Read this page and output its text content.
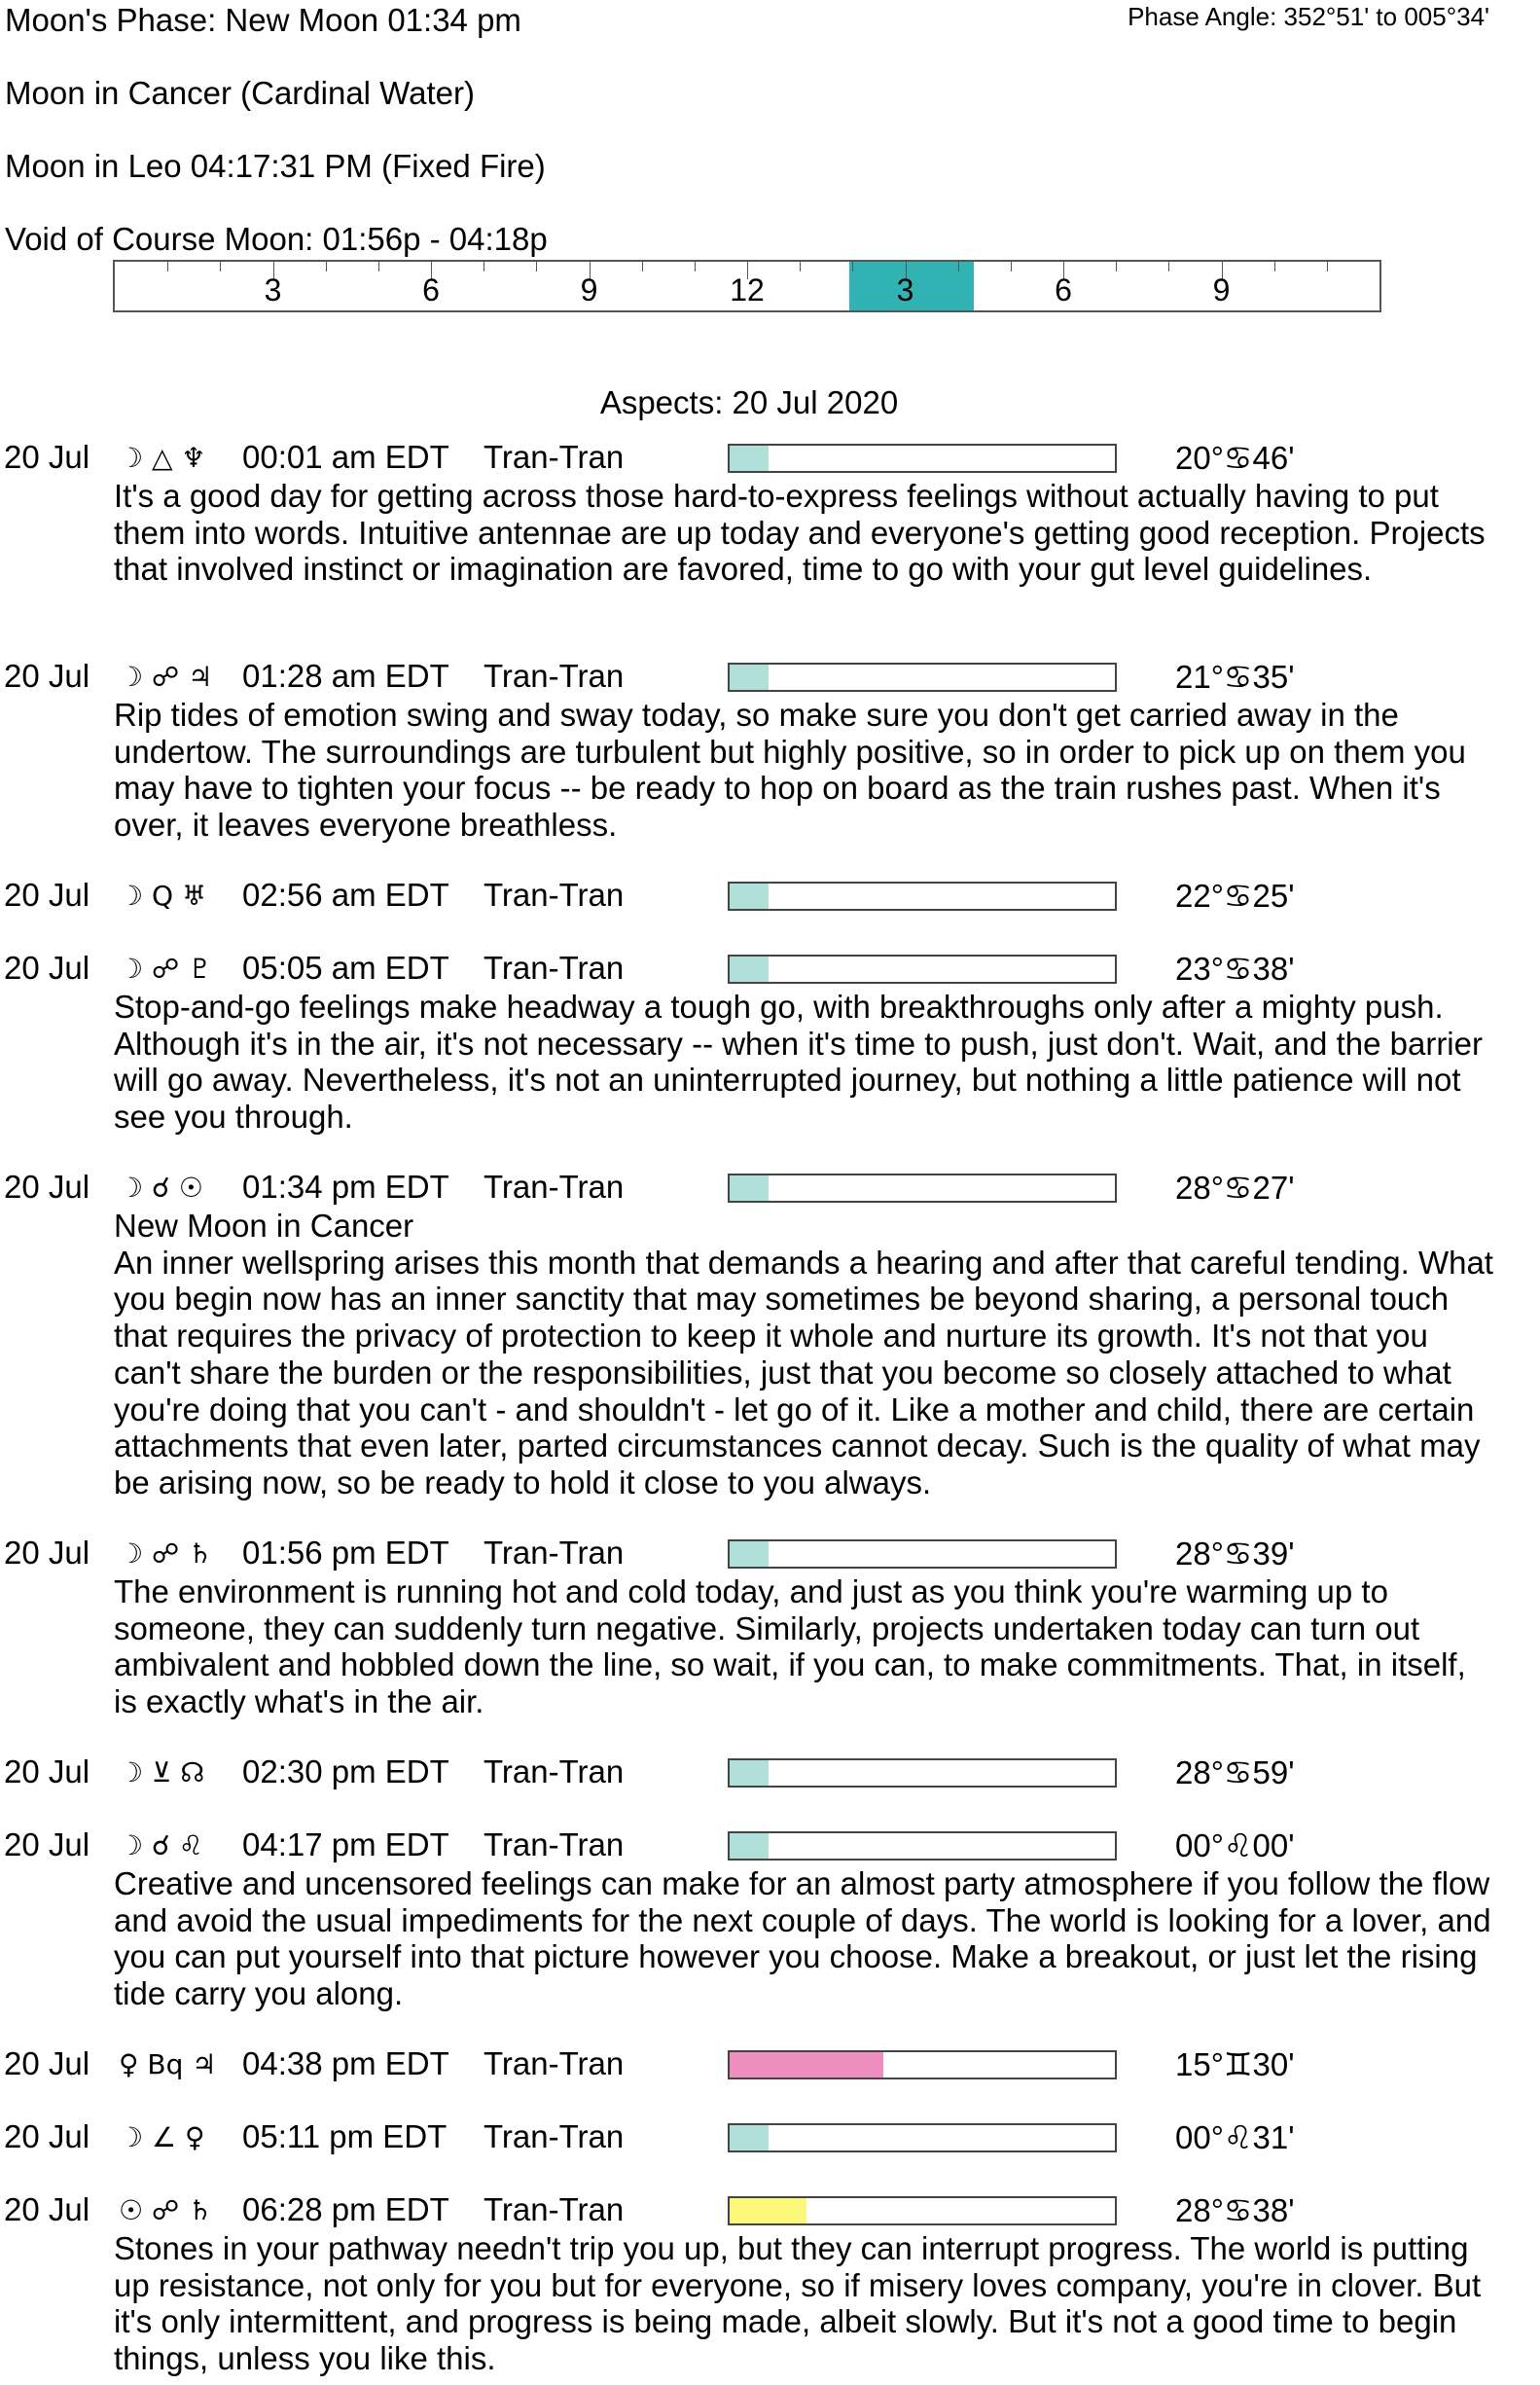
Moon's Phase: New Moon 01:34 pm	Phase Angle: 352°51' to 005°34'
Moon in Cancer (Cardinal Water)
Moon in Leo 04:17:31 PM (Fixed Fire)
Void of Course Moon: 01:56p - 04:18p
3	6	9	12	3	6	9
Aspects: 20 Jul 2020
20 Jul ☽ △ ♆ 00:01 am EDT Tran-Tran	20°♋46'

It's a good day for getting across those hard-to-express feelings without actually having to put them into words. Intuitive antennae are up today and everyone's getting good reception. Projects that involved instinct or imagination are favored, time to go with your gut level guidelines.

20 Jul ☽ ☍ ♃ 01:28 am EDT Tran-Tran	21°♋35'

Rip tides of emotion swing and sway today, so make sure you don't get carried away in the undertow. The surroundings are turbulent but highly positive, so in order to pick up on them you may have to tighten your focus -- be ready to hop on board as the train rushes past. When it's over, it leaves everyone breathless.

20 Jul ☽ Q ♅ 02:56 am EDT Tran-Tran	22°♋25'
20 Jul ☽ ☍ ♇ 05:05 am EDT Tran-Tran	23°♋38'

Stop-and-go feelings make headway a tough go, with breakthroughs only after a mighty push. Although it's in the air, it's not necessary -- when it's time to push, just don't. Wait, and the barrier will go away. Nevertheless, it's not an uninterrupted journey, but nothing a little patience will not see you through.

20 Jul ☽ ☌ ☉ 01:34 pm EDT Tran-Tran	28°♋27'

New Moon in Cancer

An inner wellspring arises this month that demands a hearing and after that careful tending. What you begin now has an inner sanctity that may sometimes be beyond sharing, a personal touch that requires the privacy of protection to keep it whole and nurture its growth. It's not that you can't share the burden or the responsibilities, just that you become so closely attached to what you're doing that you can't - and shouldn't - let go of it. Like a mother and child, there are certain attachments that even later, parted circumstances cannot decay. Such is the quality of what may be arising now, so be ready to hold it close to you always.

20 Jul ☽ ☍ ♄ 01:56 pm EDT Tran-Tran	28°♋39'

The environment is running hot and cold today, and just as you think you're warming up to someone, they can suddenly turn negative. Similarly, projects undertaken today can turn out ambivalent and hobbled down the line, so wait, if you can, to make commitments. That, in itself, is exactly what's in the air.

20 Jul ☽ ⊻ ☊ 02:30 pm EDT Tran-Tran	28°♋59'
20 Jul ☽ ☌ ♌ 04:17 pm EDT Tran-Tran	00°♌00'

Creative and uncensored feelings can make for an almost party atmosphere if you follow the flow and avoid the usual impediments for the next couple of days. The world is looking for a lover, and you can put yourself into that picture however you choose. Make a breakout, or just let the rising tide carry you along.

20 Jul ♀ Bq ♃ 04:38 pm EDT Tran-Tran	15°♊30'
20 Jul ☽ ∠ ♀ 05:11 pm EDT Tran-Tran	00°♌31'
20 Jul ☉ ☍ ♄ 06:28 pm EDT Tran-Tran	28°♋38'

Stones in your pathway needn't trip you up, but they can interrupt progress. The world is putting up resistance, not only for you but for everyone, so if misery loves company, you're in clover. But it's only intermittent, and progress is being made, albeit slowly. But it's not a good time to begin things, unless you like this.
